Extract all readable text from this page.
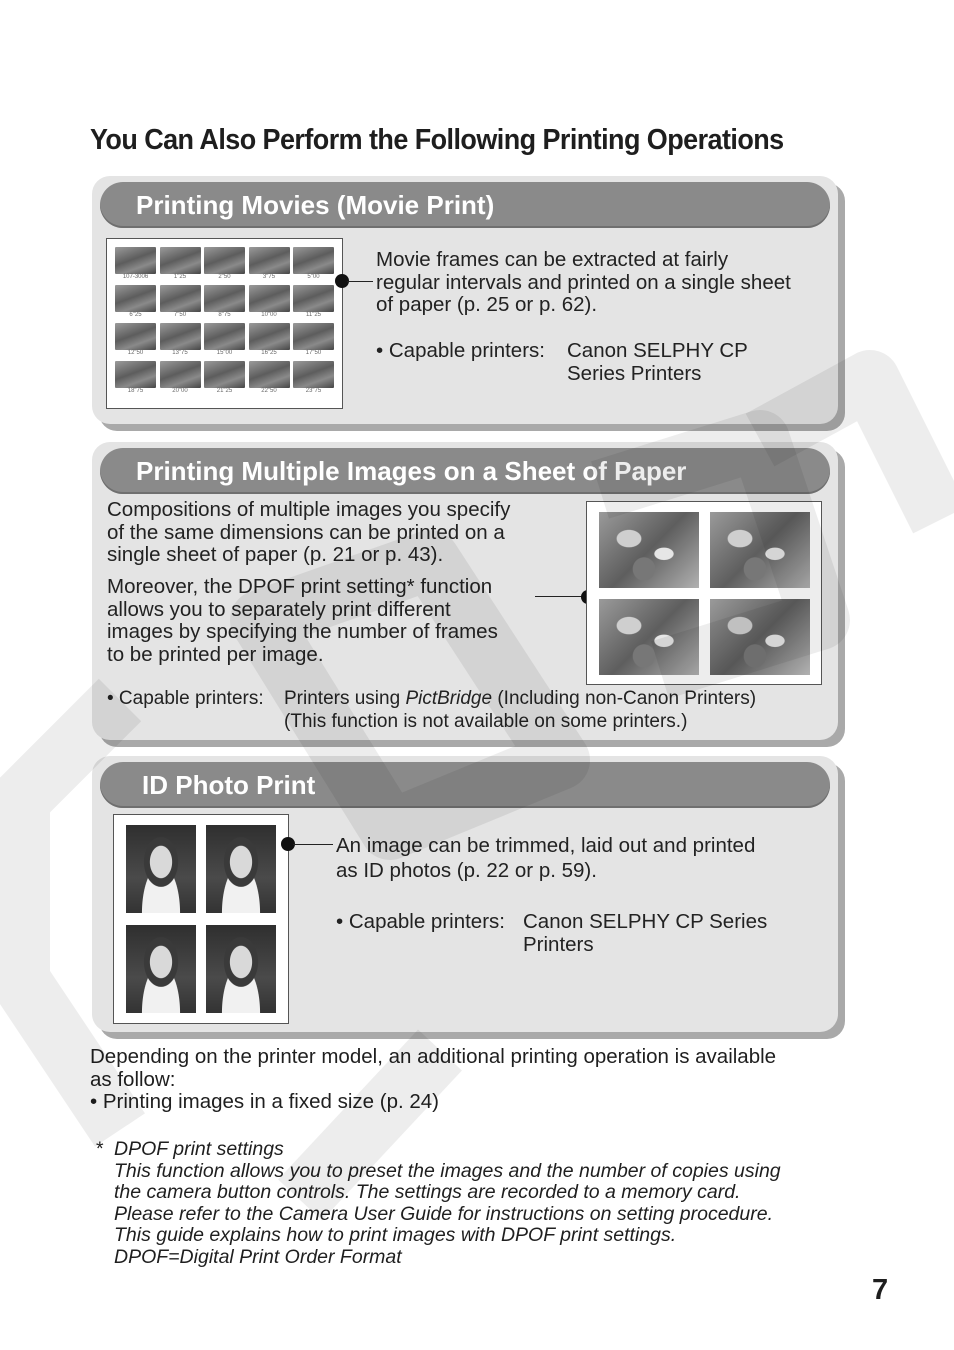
You Can Also Perform the Following Printing Operations
Printing Movies (Movie Print)
107-3006	1"25	2"50	3"75	5"00
6"25	7"50	8"75	10"00	11"25
12"50	13"75	15"00	16"25	17"50
18"75	20"00	21"25	22"50	23"75
Movie frames can be extracted at fairly
regular intervals and printed on a single sheet
of paper (p. 25 or p. 62).
• Capable printers: Canon SELPHY CP
Series Printers
Printing Multiple Images on a Sheet of Paper
Compositions of multiple images you specify
of the same dimensions can be printed on a
single sheet of paper (p. 21 or p. 43).
Moreover, the DPOF print setting* function
allows you to separately print different
images by specifying the number of frames
to be printed per image.
• Capable printers: Printers using PictBridge (Including non-Canon Printers)
(This function is not available on some printers.)
ID Photo Print
An image can be trimmed, laid out and printed
as ID photos (p. 22 or p. 59).
• Capable printers: Canon SELPHY CP Series
Printers
Depending on the printer model, an additional printing operation is available
as follow:
• Printing images in a fixed size (p. 24)
* DPOF print settings
This function allows you to preset the images and the number of copies using
the camera button controls. The settings are recorded to a memory card.
Please refer to the Camera User Guide for instructions on setting procedure.
This guide explains how to print images with DPOF print settings.
DPOF=Digital Print Order Format
7
